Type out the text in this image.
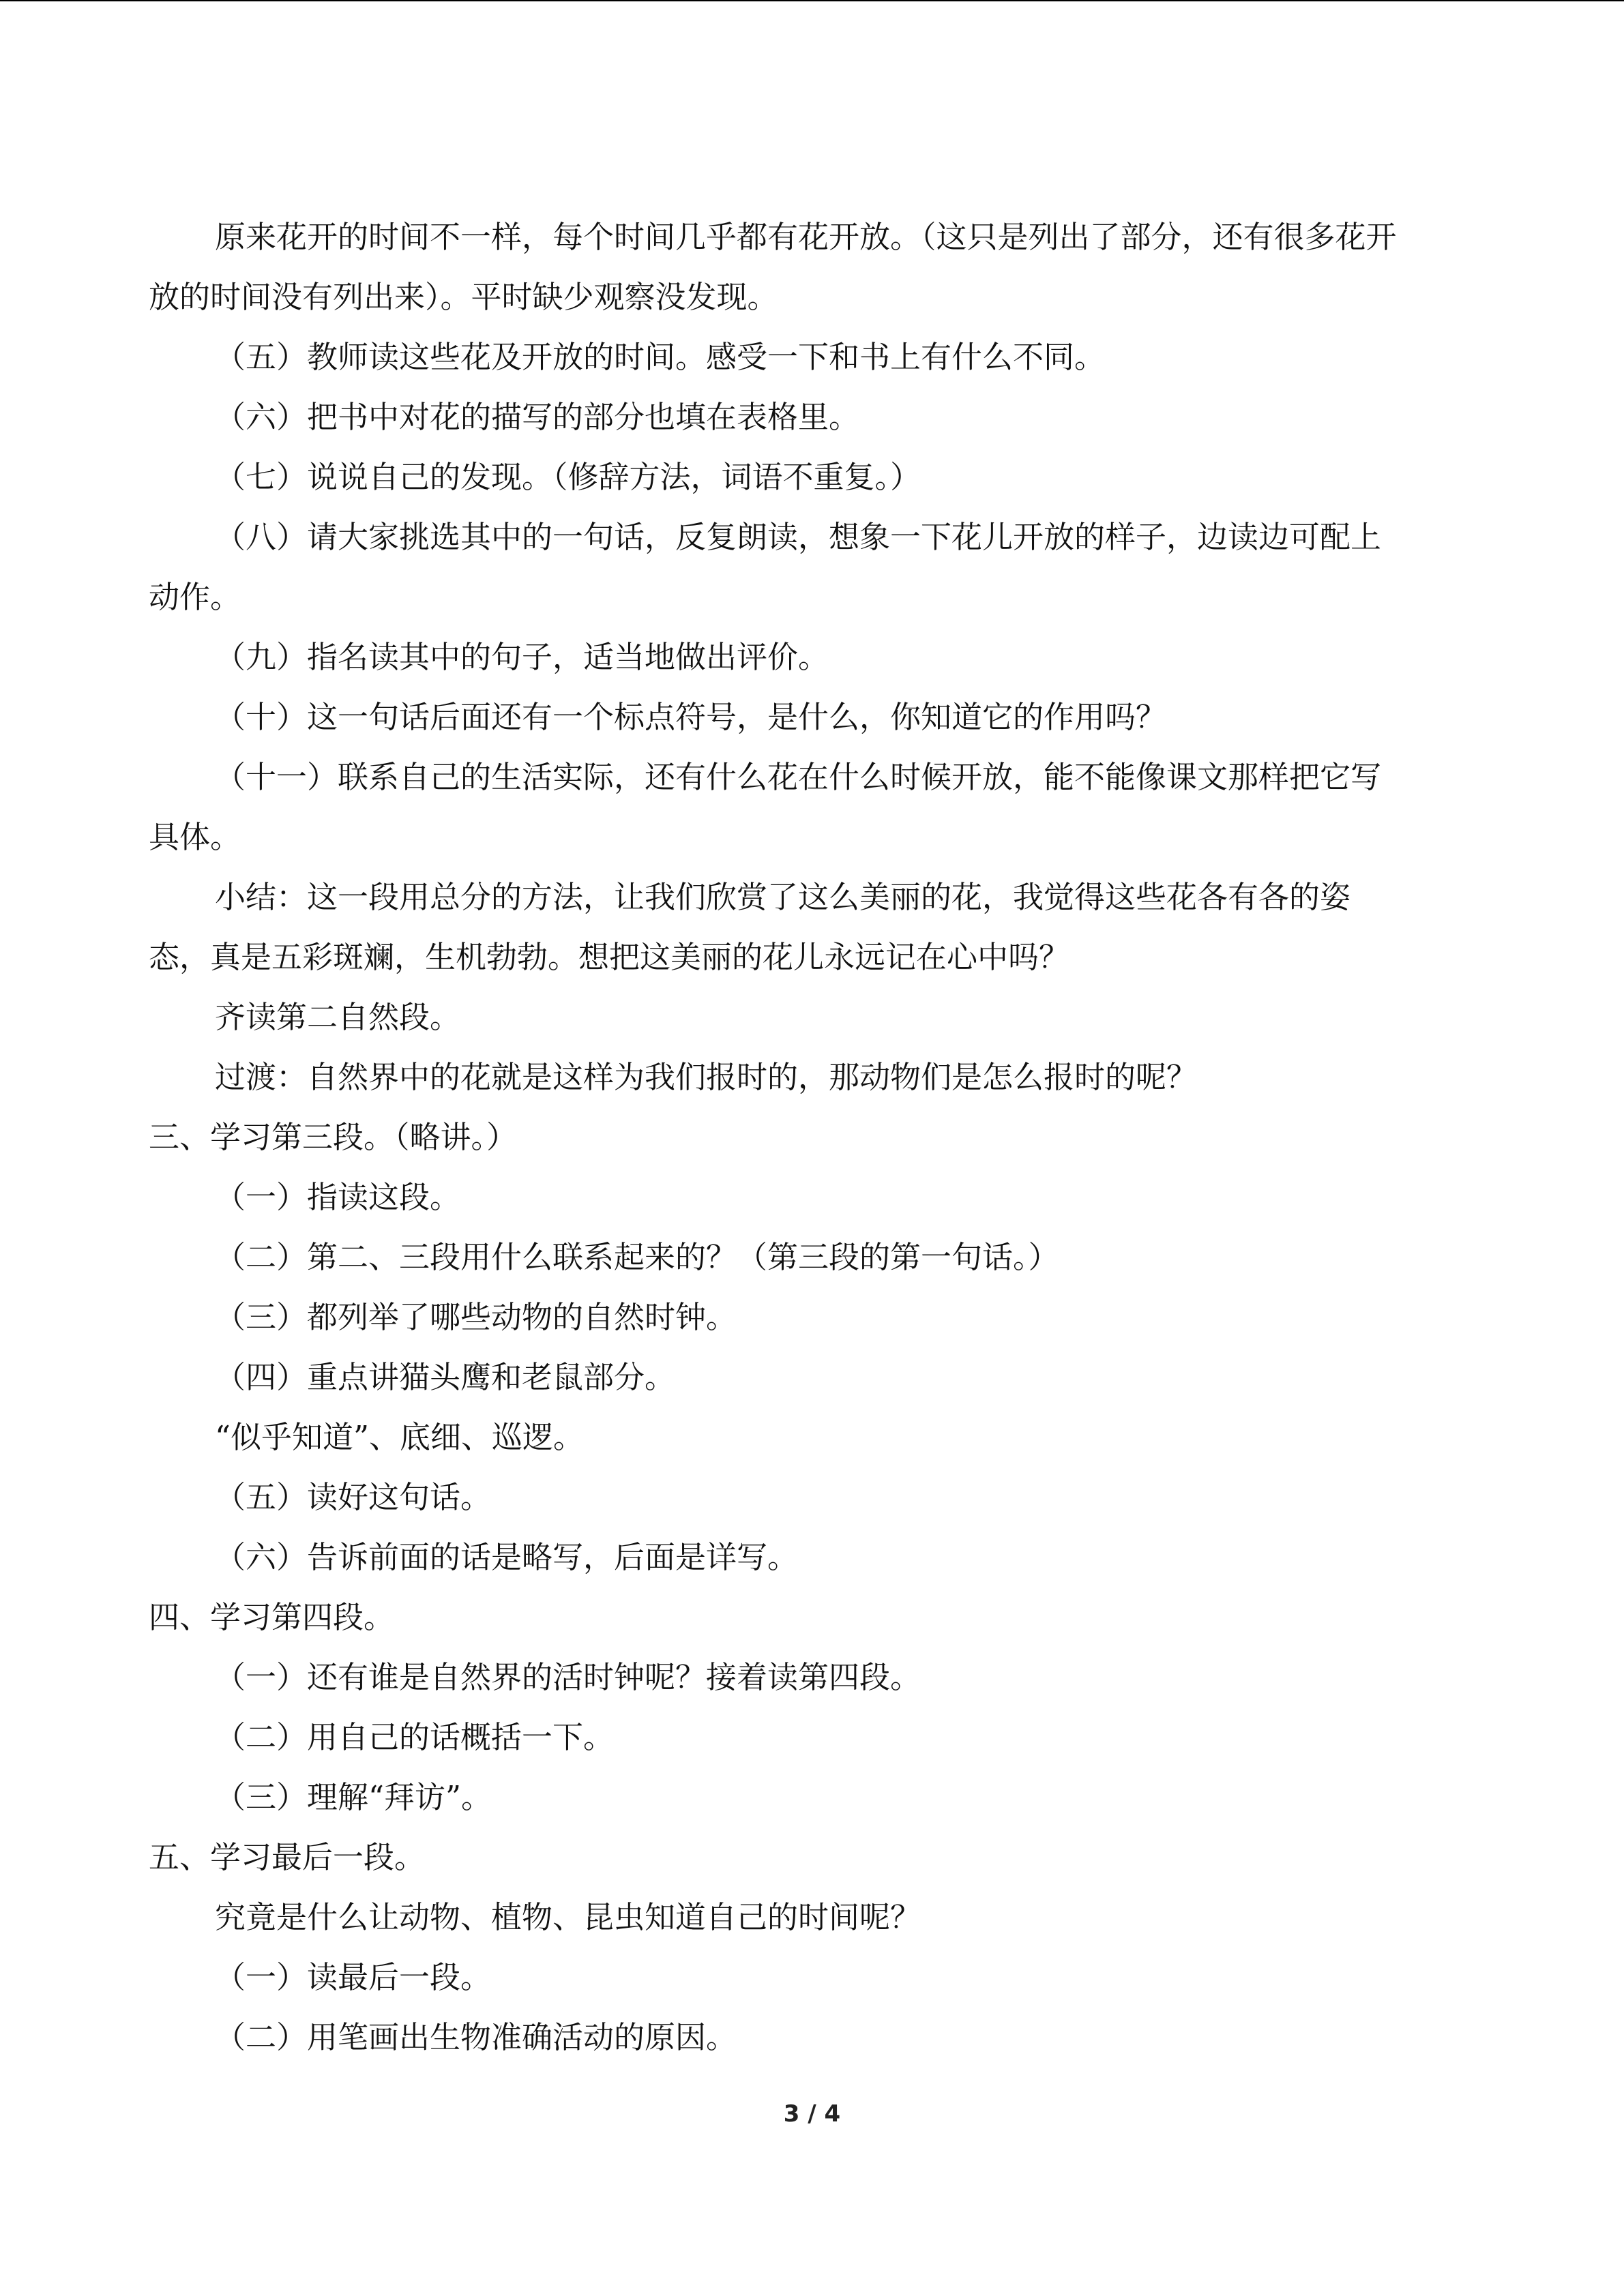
原来花开的时间不一样，每个时间几乎都有花开放。（这只是列出了部分，还有很多花开
放的时间没有列出来）。平时缺少观察没发现。
（五）教师读这些花及开放的时间。感受一下和书上有什么不同。
（六）把书中对花的描写的部分也填在表格里。
（七）说说自己的发现。（修辞方法，词语不重复。）
（八）请大家挑选其中的一句话，反复朗读，想象一下花儿开放的样子，边读边可配上
动作。
（九）指名读其中的句子，适当地做出评价。
（十）这一句话后面还有一个标点符号，是什么，你知道它的作用吗？
（十一）联系自己的生活实际，还有什么花在什么时候开放，能不能像课文那样把它写
具体。
小结：这一段用总分的方法，让我们欣赏了这么美丽的花，我觉得这些花各有各的姿
态，真是五彩斑斓，生机勃勃。想把这美丽的花儿永远记在心中吗？
齐读第二自然段。
过渡：自然界中的花就是这样为我们报时的，那动物们是怎么报时的呢？
三、学习第三段。（略讲。）
（一）指读这段。
（二）第二、三段用什么联系起来的？（第三段的第一句话。）
（三）都列举了哪些动物的自然时钟。
（四）重点讲猫头鹰和老鼠部分。
“似乎知道”、底细、巡逻。
（五）读好这句话。
（六）告诉前面的话是略写，后面是详写。
四、学习第四段。
（一）还有谁是自然界的活时钟呢？接着读第四段。
（二）用自己的话概括一下。
（三）理解“拜访”。
五、学习最后一段。
究竟是什么让动物、植物、昆虫知道自己的时间呢？
（一）读最后一段。
（二）用笔画出生物准确活动的原因。
3 / 4
